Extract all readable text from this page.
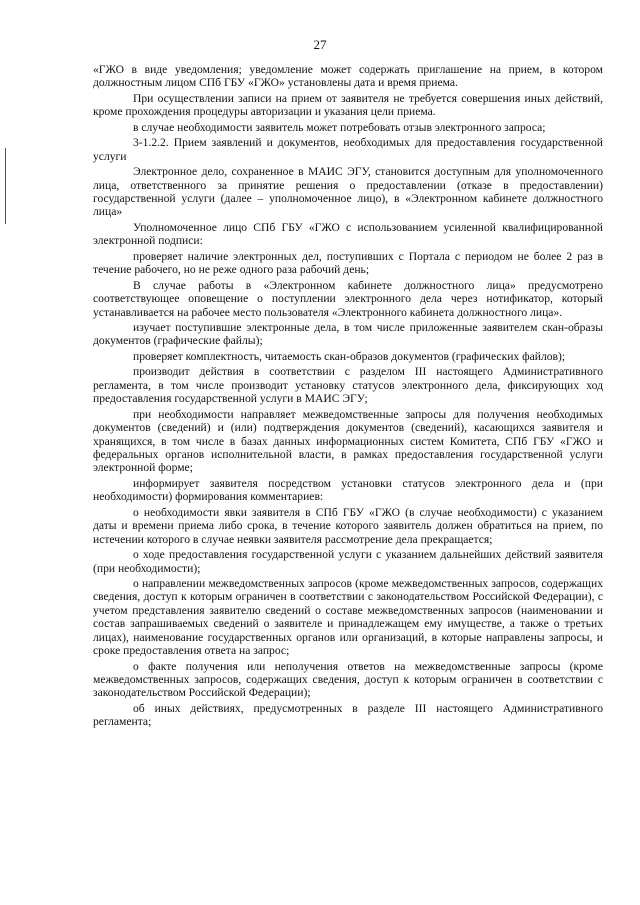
27

«ГЖО в виде уведомления; уведомление может содержать приглашение на прием, в котором должностным лицом СПб ГБУ «ГЖО» установлены дата и время приема.

При осуществлении записи на прием от заявителя не требуется совершения иных действий, кроме прохождения процедуры авторизации и указания цели приема.

в случае необходимости заявитель может потребовать отзыв электронного запроса;

3-1.2.2. Прием заявлений и документов, необходимых для предоставления государственной услуги

Электронное дело, сохраненное в МАИС ЭГУ, становится доступным для уполномоченного лица, ответственного за принятие решения о предоставлении (отказе в предоставлении) государственной услуги (далее – уполномоченное лицо), в «Электронном кабинете должностного лица»

Уполномоченное лицо СПб ГБУ «ГЖО с использованием усиленной квалифицированной электронной подписи:

проверяет наличие электронных дел, поступивших с Портала с периодом не более 2 раз в течение рабочего, но не реже одного раза рабочий день;

В случае работы в «Электронном кабинете должностного лица» предусмотрено соответствующее оповещение о поступлении электронного дела через нотификатор, который устанавливается на рабочее место пользователя «Электронного кабинета должностного лица».

изучает поступившие электронные дела, в том числе приложенные заявителем скан-образы документов (графические файлы);

проверяет комплектность, читаемость скан-образов документов (графических файлов);

производит действия в соответствии с разделом III настоящего Административного регламента, в том числе производит установку статусов электронного дела, фиксирующих ход предоставления государственной услуги в МАИС ЭГУ;

при необходимости направляет межведомственные запросы для получения необходимых документов (сведений) и (или) подтверждения документов (сведений), касающихся заявителя и хранящихся, в том числе в базах данных информационных систем Комитета, СПб ГБУ «ГЖО и федеральных органов исполнительной власти, в рамках предоставления государственной услуги электронной форме;

информирует заявителя посредством установки статусов электронного дела и (при необходимости) формирования комментариев:

о необходимости явки заявителя в СПб ГБУ «ГЖО (в случае необходимости) с указанием даты и времени приема либо срока, в течение которого заявитель должен обратиться на прием, по истечении которого в случае неявки заявителя рассмотрение дела прекращается;

о ходе предоставления государственной услуги с указанием дальнейших действий заявителя (при необходимости);

о направлении межведомственных запросов (кроме межведомственных запросов, содержащих сведения, доступ к которым ограничен в соответствии с законодательством Российской Федерации), с учетом представления заявителю сведений о составе межведомственных запросов (наименовании и состав запрашиваемых сведений о заявителе и принадлежащем ему имуществе, а также о третьих лицах), наименование государственных органов или организаций, в которые направлены запросы, и сроке предоставления ответа на запрос;

о факте получения или неполучения ответов на межведомственные запросы (кроме межведомственных запросов, содержащих сведения, доступ к которым ограничен в соответствии с законодательством Российской Федерации);

об иных действиях, предусмотренных в разделе III настоящего Административного регламента;
